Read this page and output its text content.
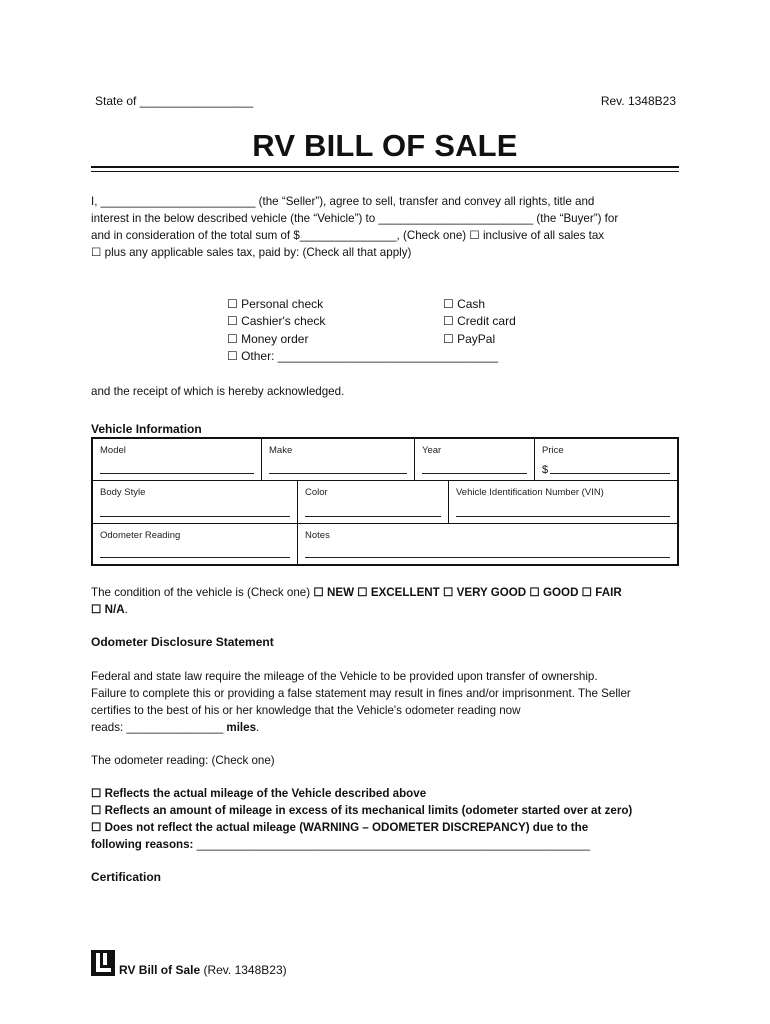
State of _________________	Rev. 1348B23
RV BILL OF SALE
I, ________________________ (the “Seller”), agree to sell, transfer and convey all rights, title and
interest in the below described vehicle (the “Vehicle”) to ________________________ (the “Buyer”) for
and in consideration of the total sum of $_______________, (Check one) ☐ inclusive of all sales tax
☐ plus any applicable sales tax, paid by: (Check all that apply)
☐ Personal check
☐ Cashier's check
☐ Money order
☐ Other: _________________________________
☐ Cash
☐ Credit card
☐ PayPal
and the receipt of which is hereby acknowledged.
Vehicle Information
Model	Make	Year	Price
$
Body Style	Color	Vehicle Identification Number (VIN)
Odometer Reading	Notes
The condition of the vehicle is (Check one) ☐ NEW ☐ EXCELLENT ☐ VERY GOOD ☐ GOOD ☐ FAIR
☐ N/A.
Odometer Disclosure Statement
Federal and state law require the mileage of the Vehicle to be provided upon transfer of ownership.
Failure to complete this or providing a false statement may result in fines and/or imprisonment. The Seller
certifies to the best of his or her knowledge that the Vehicle's odometer reading now
reads: _______________ miles.
The odometer reading: (Check one)
☐ Reflects the actual mileage of the Vehicle described above
☐ Reflects an amount of mileage in excess of its mechanical limits (odometer started over at zero)
☐ Does not reflect the actual mileage (WARNING – ODOMETER DISCREPANCY) due to the
following reasons: _____________________________________________________________
Certification
RV Bill of Sale (Rev. 1348B23)
